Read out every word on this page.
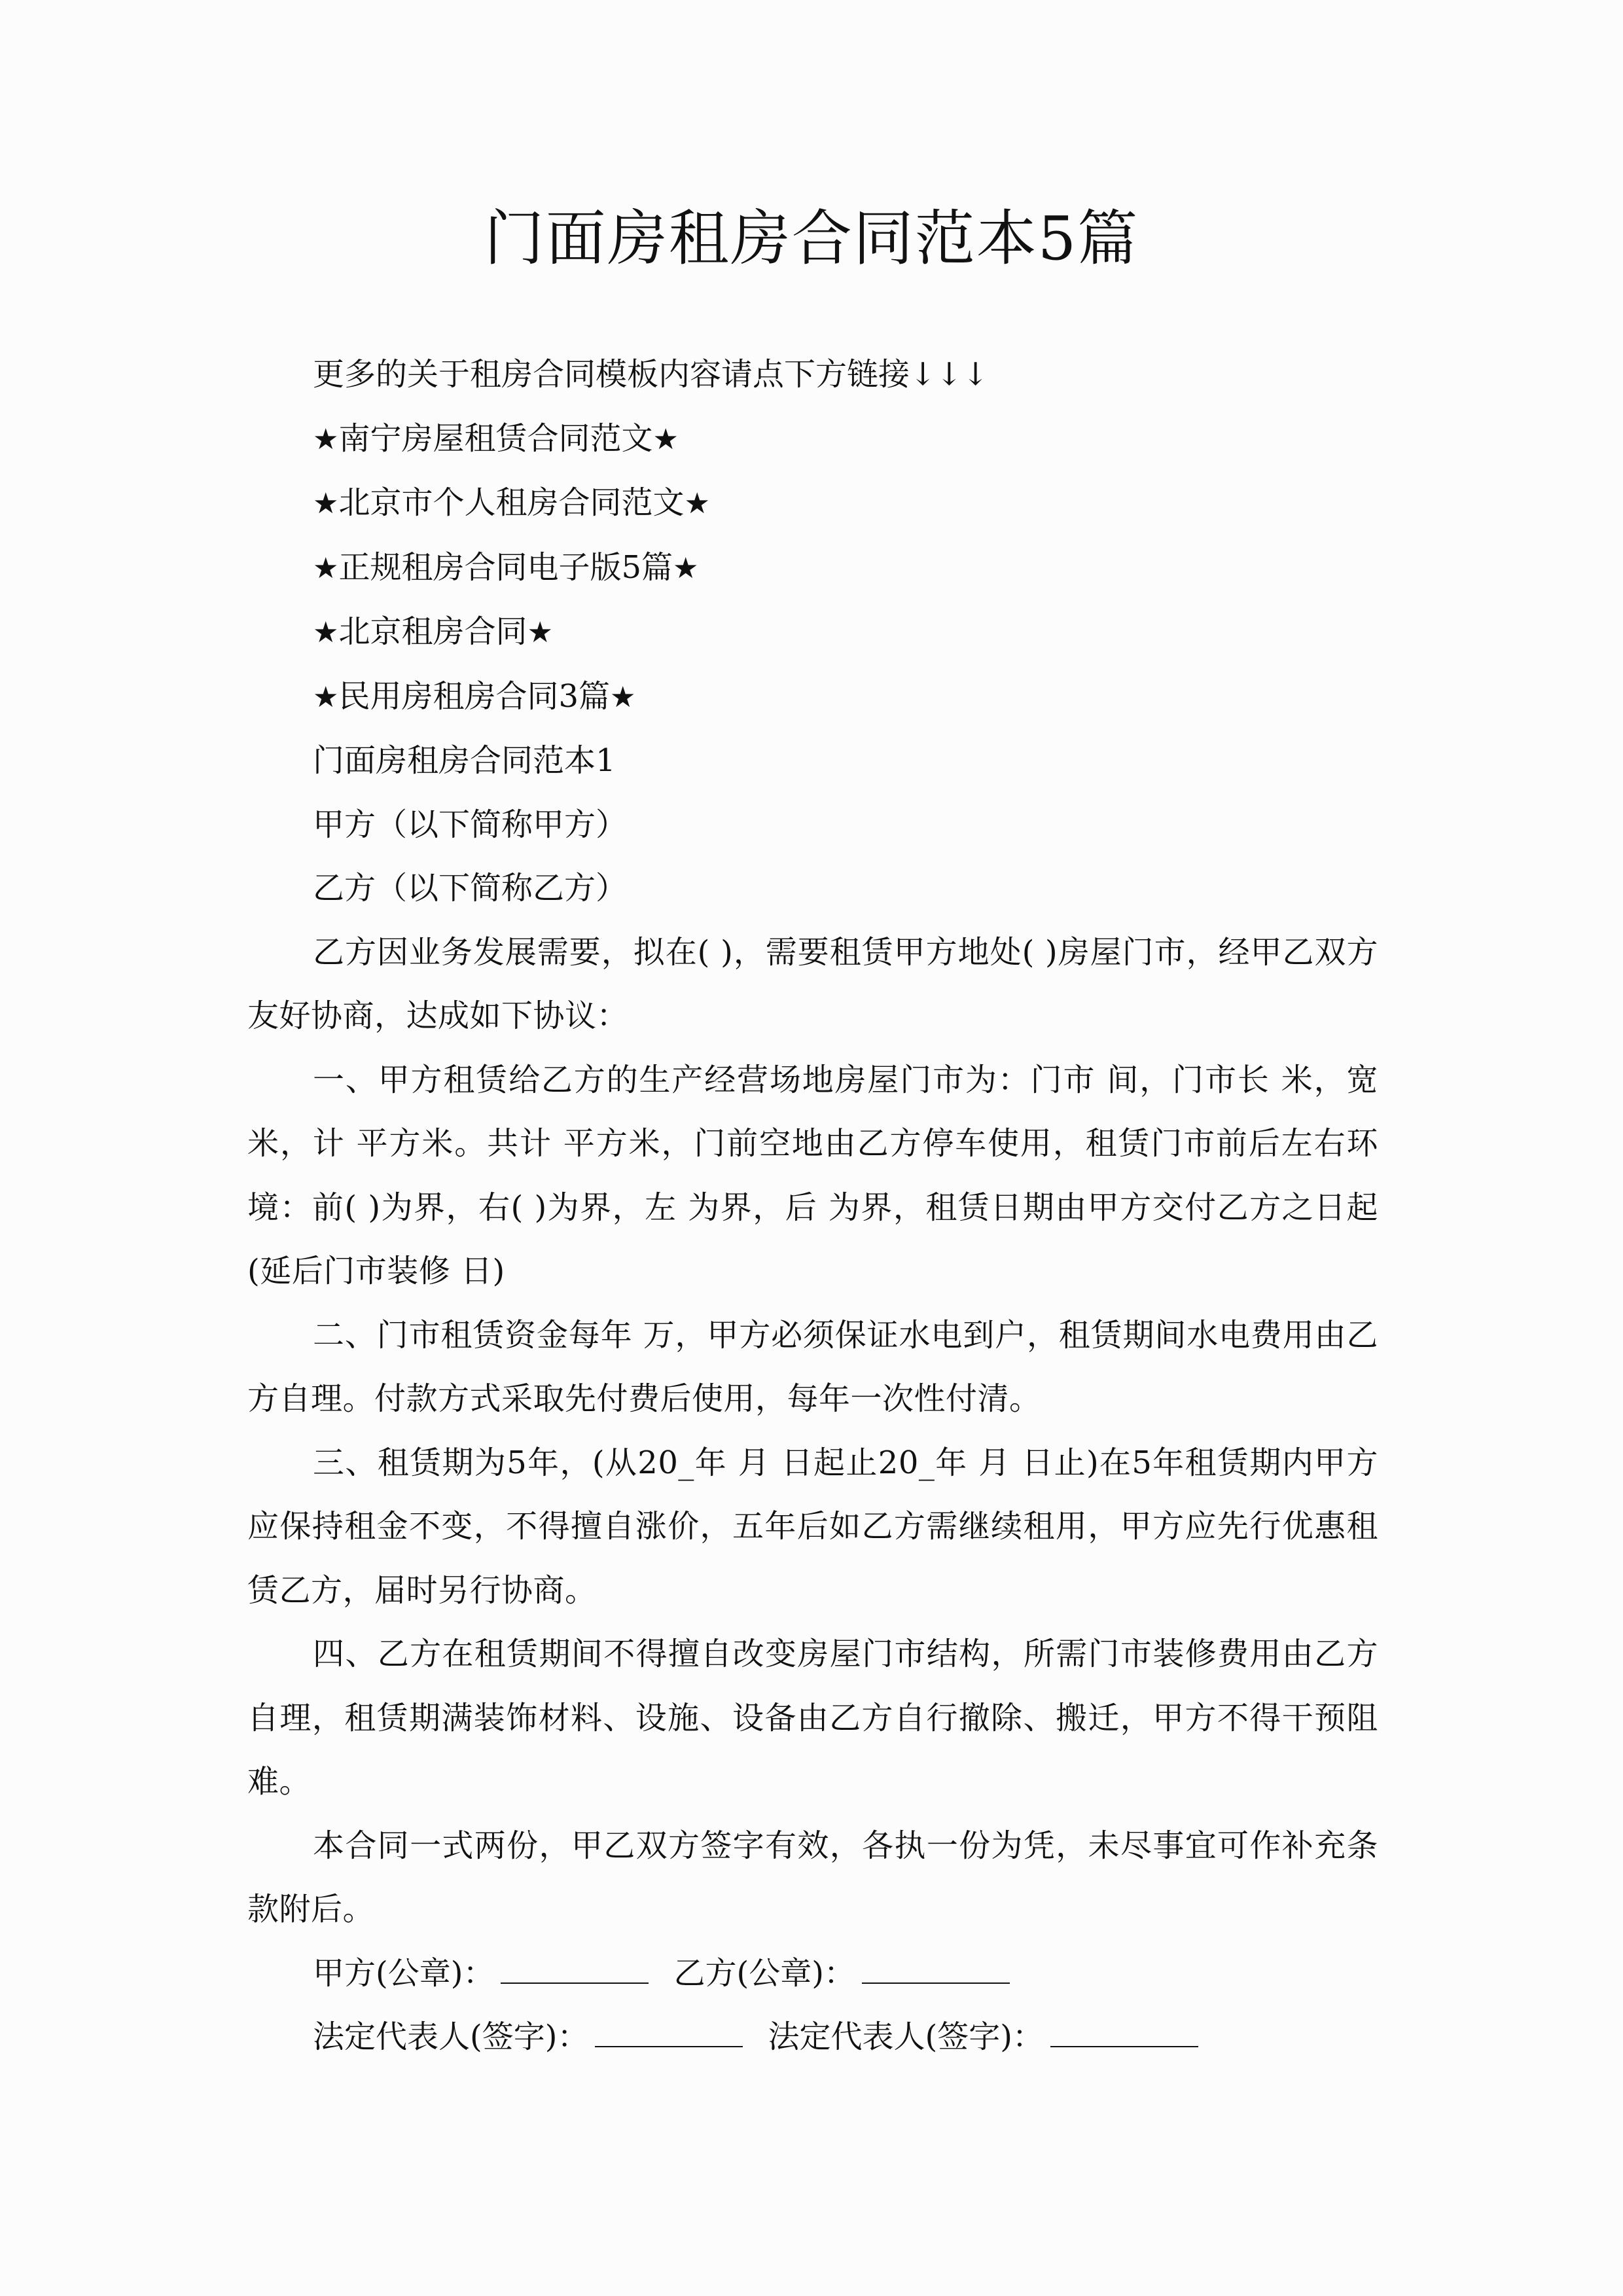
门面房租房合同范本5篇

更多的关于租房合同模板内容请点下方链接↓↓↓

★南宁房屋租赁合同范文★

★北京市个人租房合同范文★

★正规租房合同电子版5篇★

★北京租房合同★

★民用房租房合同3篇★

门面房租房合同范本1

甲方（以下简称甲方）

乙方（以下简称乙方）

乙方因业务发展需要，拟在( )，需要租赁甲方地处( )房屋门市，经甲乙双方友好协商，达成如下协议：

一、甲方租赁给乙方的生产经营场地房屋门市为：门市 间，门市长 米，宽 米，计 平方米。共计 平方米，门前空地由乙方停车使用，租赁门市前后左右环境：前( )为界，右( )为界，左 为界，后 为界，租赁日期由甲方交付乙方之日起(延后门市装修 日)

二、门市租赁资金每年 万，甲方必须保证水电到户，租赁期间水电费用由乙方自理。付款方式采取先付费后使用，每年一次性付清。

三、租赁期为5年，(从20_年 月 日起止20_年 月 日止)在5年租赁期内甲方应保持租金不变，不得擅自涨价，五年后如乙方需继续租用，甲方应先行优惠租赁乙方，届时另行协商。

四、乙方在租赁期间不得擅自改变房屋门市结构，所需门市装修费用由乙方自理，租赁期满装饰材料、设施、设备由乙方自行撤除、搬迁，甲方不得干预阻难。

本合同一式两份，甲乙双方签字有效，各执一份为凭，未尽事宜可作补充条款附后。

甲方(公章)：	乙方(公章)：

法定代表人(签字)：	法定代表人(签字)：
